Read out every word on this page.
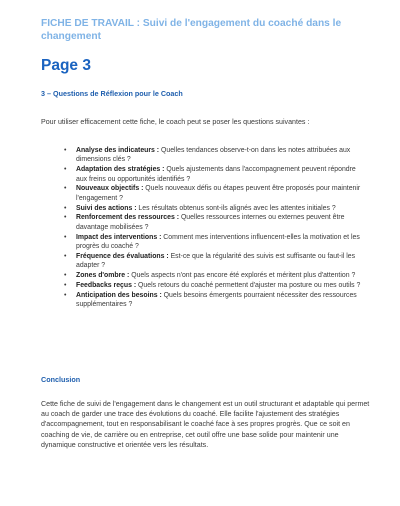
FICHE DE TRAVAIL : Suivi de l'engagement du coaché dans le changement
Page 3
3 – Questions de Réflexion pour le Coach
Pour utiliser efficacement cette fiche, le coach peut se poser les questions suivantes :
• Analyse des indicateurs : Quelles tendances observe-t-on dans les notes attribuées aux dimensions clés ?
• Adaptation des stratégies : Quels ajustements dans l'accompagnement peuvent répondre aux freins ou opportunités identifiés ?
• Nouveaux objectifs : Quels nouveaux défis ou étapes peuvent être proposés pour maintenir l'engagement ?
• Suivi des actions : Les résultats obtenus sont-ils alignés avec les attentes initiales ?
• Renforcement des ressources : Quelles ressources internes ou externes peuvent être davantage mobilisées ?
• Impact des interventions : Comment mes interventions influencent-elles la motivation et les progrès du coaché ?
• Fréquence des évaluations : Est-ce que la régularité des suivis est suffisante ou faut-il les adapter ?
• Zones d'ombre : Quels aspects n'ont pas encore été explorés et méritent plus d'attention ?
• Feedbacks reçus : Quels retours du coaché permettent d'ajuster ma posture ou mes outils ?
• Anticipation des besoins : Quels besoins émergents pourraient nécessiter des ressources supplémentaires ?
Conclusion
Cette fiche de suivi de l'engagement dans le changement est un outil structurant et adaptable qui permet au coach de garder une trace des évolutions du coaché. Elle facilite l'ajustement des stratégies d'accompagnement, tout en responsabilisant le coaché face à ses propres progrès. Que ce soit en coaching de vie, de carrière ou en entreprise, cet outil offre une base solide pour maintenir une dynamique constructive et orientée vers les résultats.
